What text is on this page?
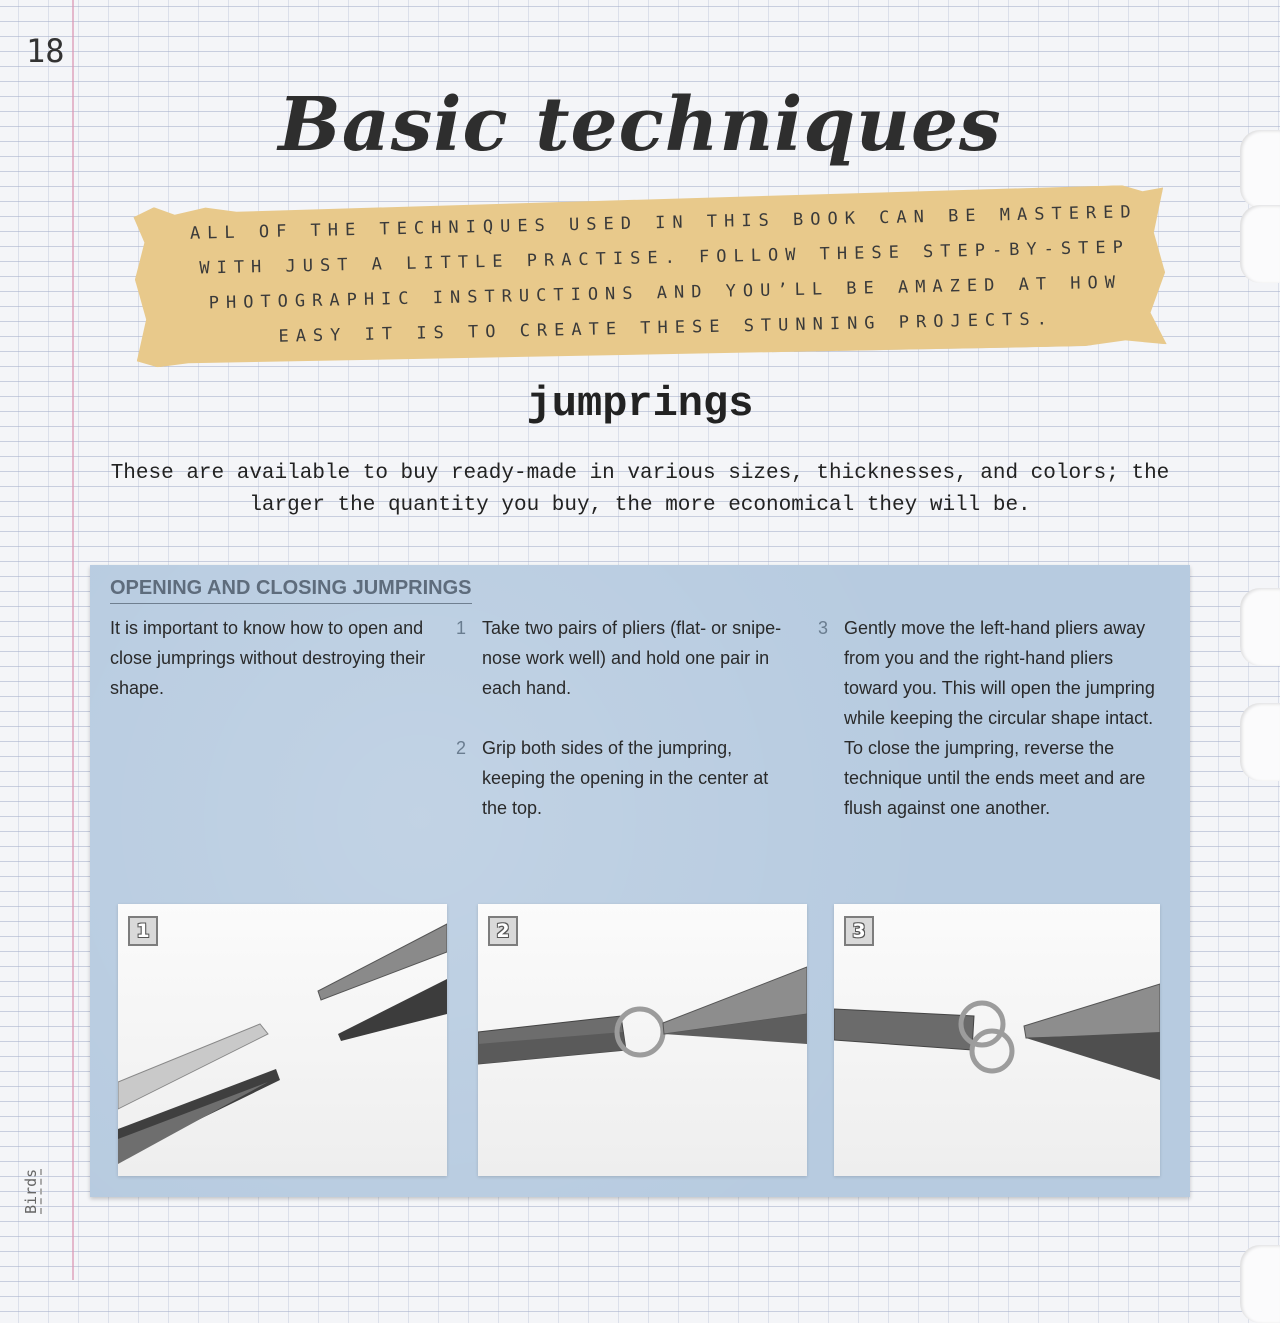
18
Basic techniques

ALL OF THE TECHNIQUES USED IN THIS BOOK CAN BE MASTERED WITH JUST A LITTLE PRACTISE. FOLLOW THESE STEP-BY-STEP PHOTOGRAPHIC INSTRUCTIONS AND YOU’LL BE AMAZED AT HOW EASY IT IS TO CREATE THESE STUNNING PROJECTS.

jumprings

These are available to buy ready-made in various sizes, thicknesses, and colors; the larger the quantity you buy, the more economical they will be.

OPENING AND CLOSING JUMPRINGS

It is important to know how to open and close jumprings without destroying their shape.

1 Take two pairs of pliers (flat- or snipe-nose work well) and hold one pair in each hand.

2 Grip both sides of the jumpring, keeping the opening in the center at the top.

3 Gently move the left-hand pliers away from you and the right-hand pliers toward you. This will open the jumpring while keeping the circular shape intact. To close the jumpring, reverse the technique until the ends meet and are flush against one another.

1	2	3
Birds
